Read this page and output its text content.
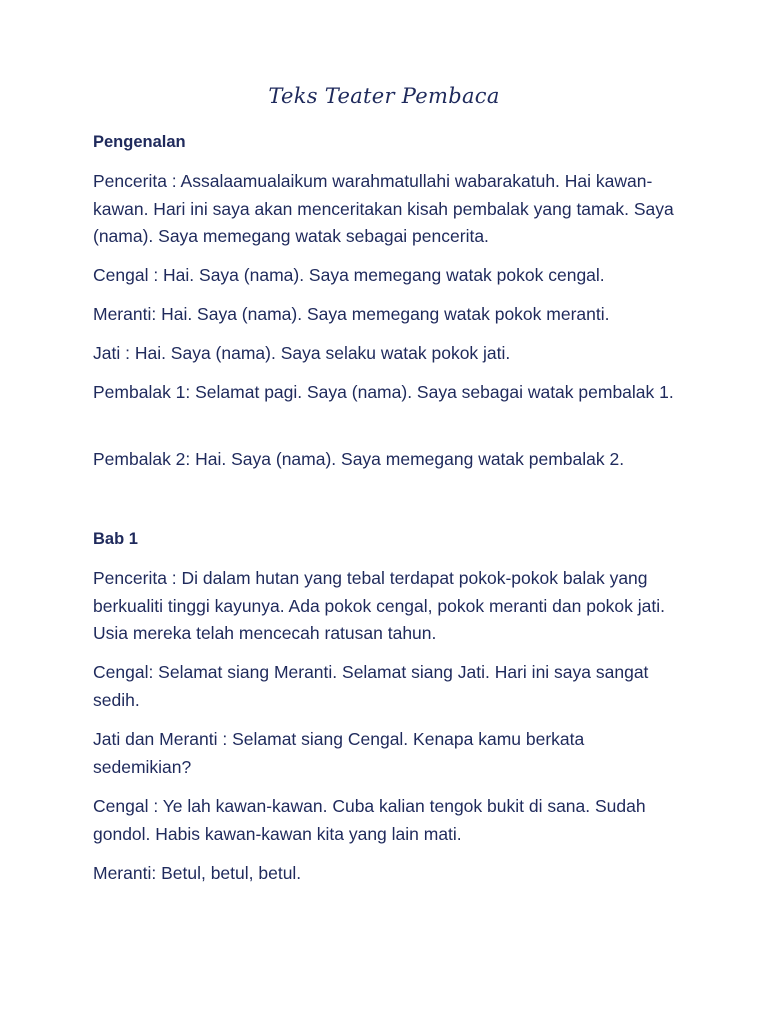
Teks Teater Pembaca
Pengenalan
Pencerita : Assalaamualaikum warahmatullahi wabarakatuh. Hai kawan-kawan. Hari ini saya akan menceritakan kisah pembalak yang tamak. Saya (nama). Saya memegang watak sebagai pencerita.
Cengal : Hai. Saya (nama). Saya memegang watak pokok cengal.
Meranti: Hai. Saya (nama). Saya memegang watak pokok meranti.
Jati : Hai. Saya (nama). Saya selaku watak pokok jati.
Pembalak 1: Selamat pagi. Saya (nama). Saya sebagai watak pembalak 1.
Pembalak 2: Hai. Saya (nama). Saya memegang watak pembalak 2.
Bab 1
Pencerita : Di dalam hutan yang tebal terdapat pokok-pokok balak yang berkualiti tinggi kayunya. Ada pokok cengal, pokok meranti dan pokok jati. Usia mereka telah mencecah ratusan tahun.
Cengal: Selamat siang Meranti. Selamat siang Jati. Hari ini saya sangat sedih.
Jati dan Meranti : Selamat siang Cengal. Kenapa kamu berkata sedemikian?
Cengal : Ye lah kawan-kawan. Cuba kalian tengok bukit di sana. Sudah gondol. Habis kawan-kawan kita yang lain mati.
Meranti: Betul, betul, betul.
